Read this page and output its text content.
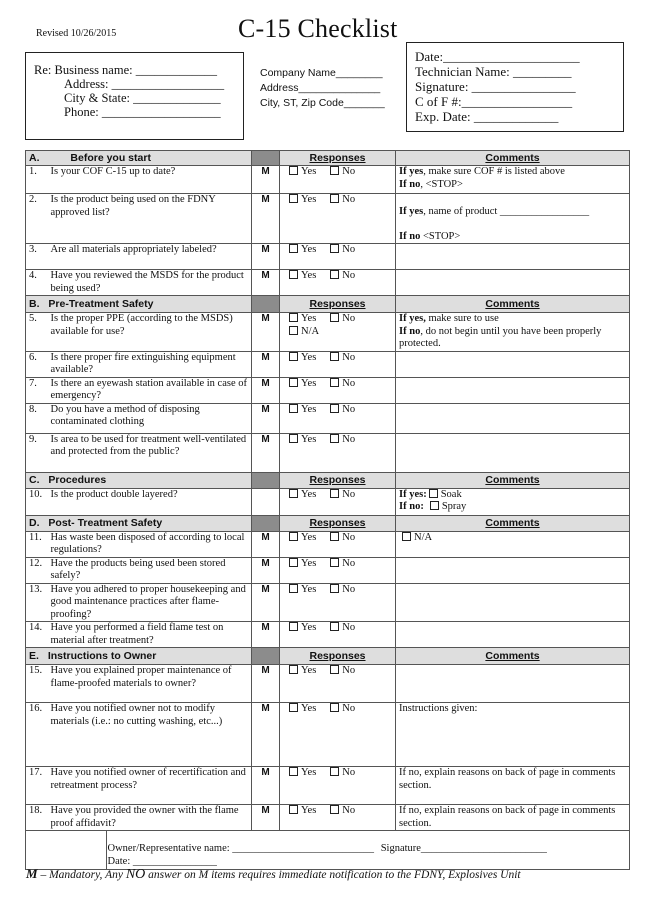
Revised 10/26/2015	C-15 Checklist
Re: Business name: _____________
Address: __________________
City & State: ______________
Phone: ___________________
Company Name________
Address______________
City, ST, Zip Code_______
Date:_____________________
Technician Name: _________
Signature: ________________
C of F #:_________________
Exp. Date: _____________
A. Before you start			Responses	Comments
1.	Is your COF C-15 up to date?	M	Yes No	If yes, make sure COF # is listed above
If no, <STOP>
2.	Is the product being used on the FDNY approved list?	M	Yes No	If yes, name of product _________________
If no <STOP>

3.	Are all materials appropriately labeled?	M	Yes No	
4.	Have you reviewed the MSDS for the product being used?	M	Yes No	
B. Pre-Treatment Safety			Responses	Comments
5.	Is the proper PPE (according to the MSDS) available for use?	M	Yes No
N/A	If yes, make sure to use
If no, do not begin until you have been properly protected.
6.	Is there proper fire extinguishing equipment available?	M	Yes No	
7.	Is there an eyewash station available in case of emergency?	M	Yes No	
8.	Do you have a method of disposing contaminated clothing	M	Yes No	
9.	Is area to be used for treatment well-ventilated and protected from the public?	M	Yes No	
C. Procedures			Responses	Comments
10.	Is the product double layered?		Yes No	If yes: Soak
If no: Spray
D. Post- Treatment Safety			Responses	Comments
11.	Has waste been disposed of according to local regulations?	M	Yes No	N/A
12.	Have the products being used been stored safely?	M	Yes No	
13.	Have you adhered to proper housekeeping and good maintenance practices after flame-proofing?	M	Yes No	
14.	Have you performed a field flame test on material after treatment?	M	Yes No	
E. Instructions to Owner			Responses	Comments
15.	Have you explained proper maintenance of flame-proofed materials to owner?	M	Yes No	
16.	Have you notified owner not to modify materials (i.e.: no cutting washing, etc...)	M	Yes No	Instructions given:
17.	Have you notified owner of recertification and retreatment process?	M	Yes No	If no, explain reasons on back of page in comments section.
18.	Have you provided the owner with the flame proof affidavit?	M	Yes No	If no, explain reasons on back of page in comments section.

		Owner/Representative name: ___________________________ Signature________________________
Date: ________________		
M – Mandatory, Any NO answer on M items requires immediate notification to the FDNY, Explosives Unit
